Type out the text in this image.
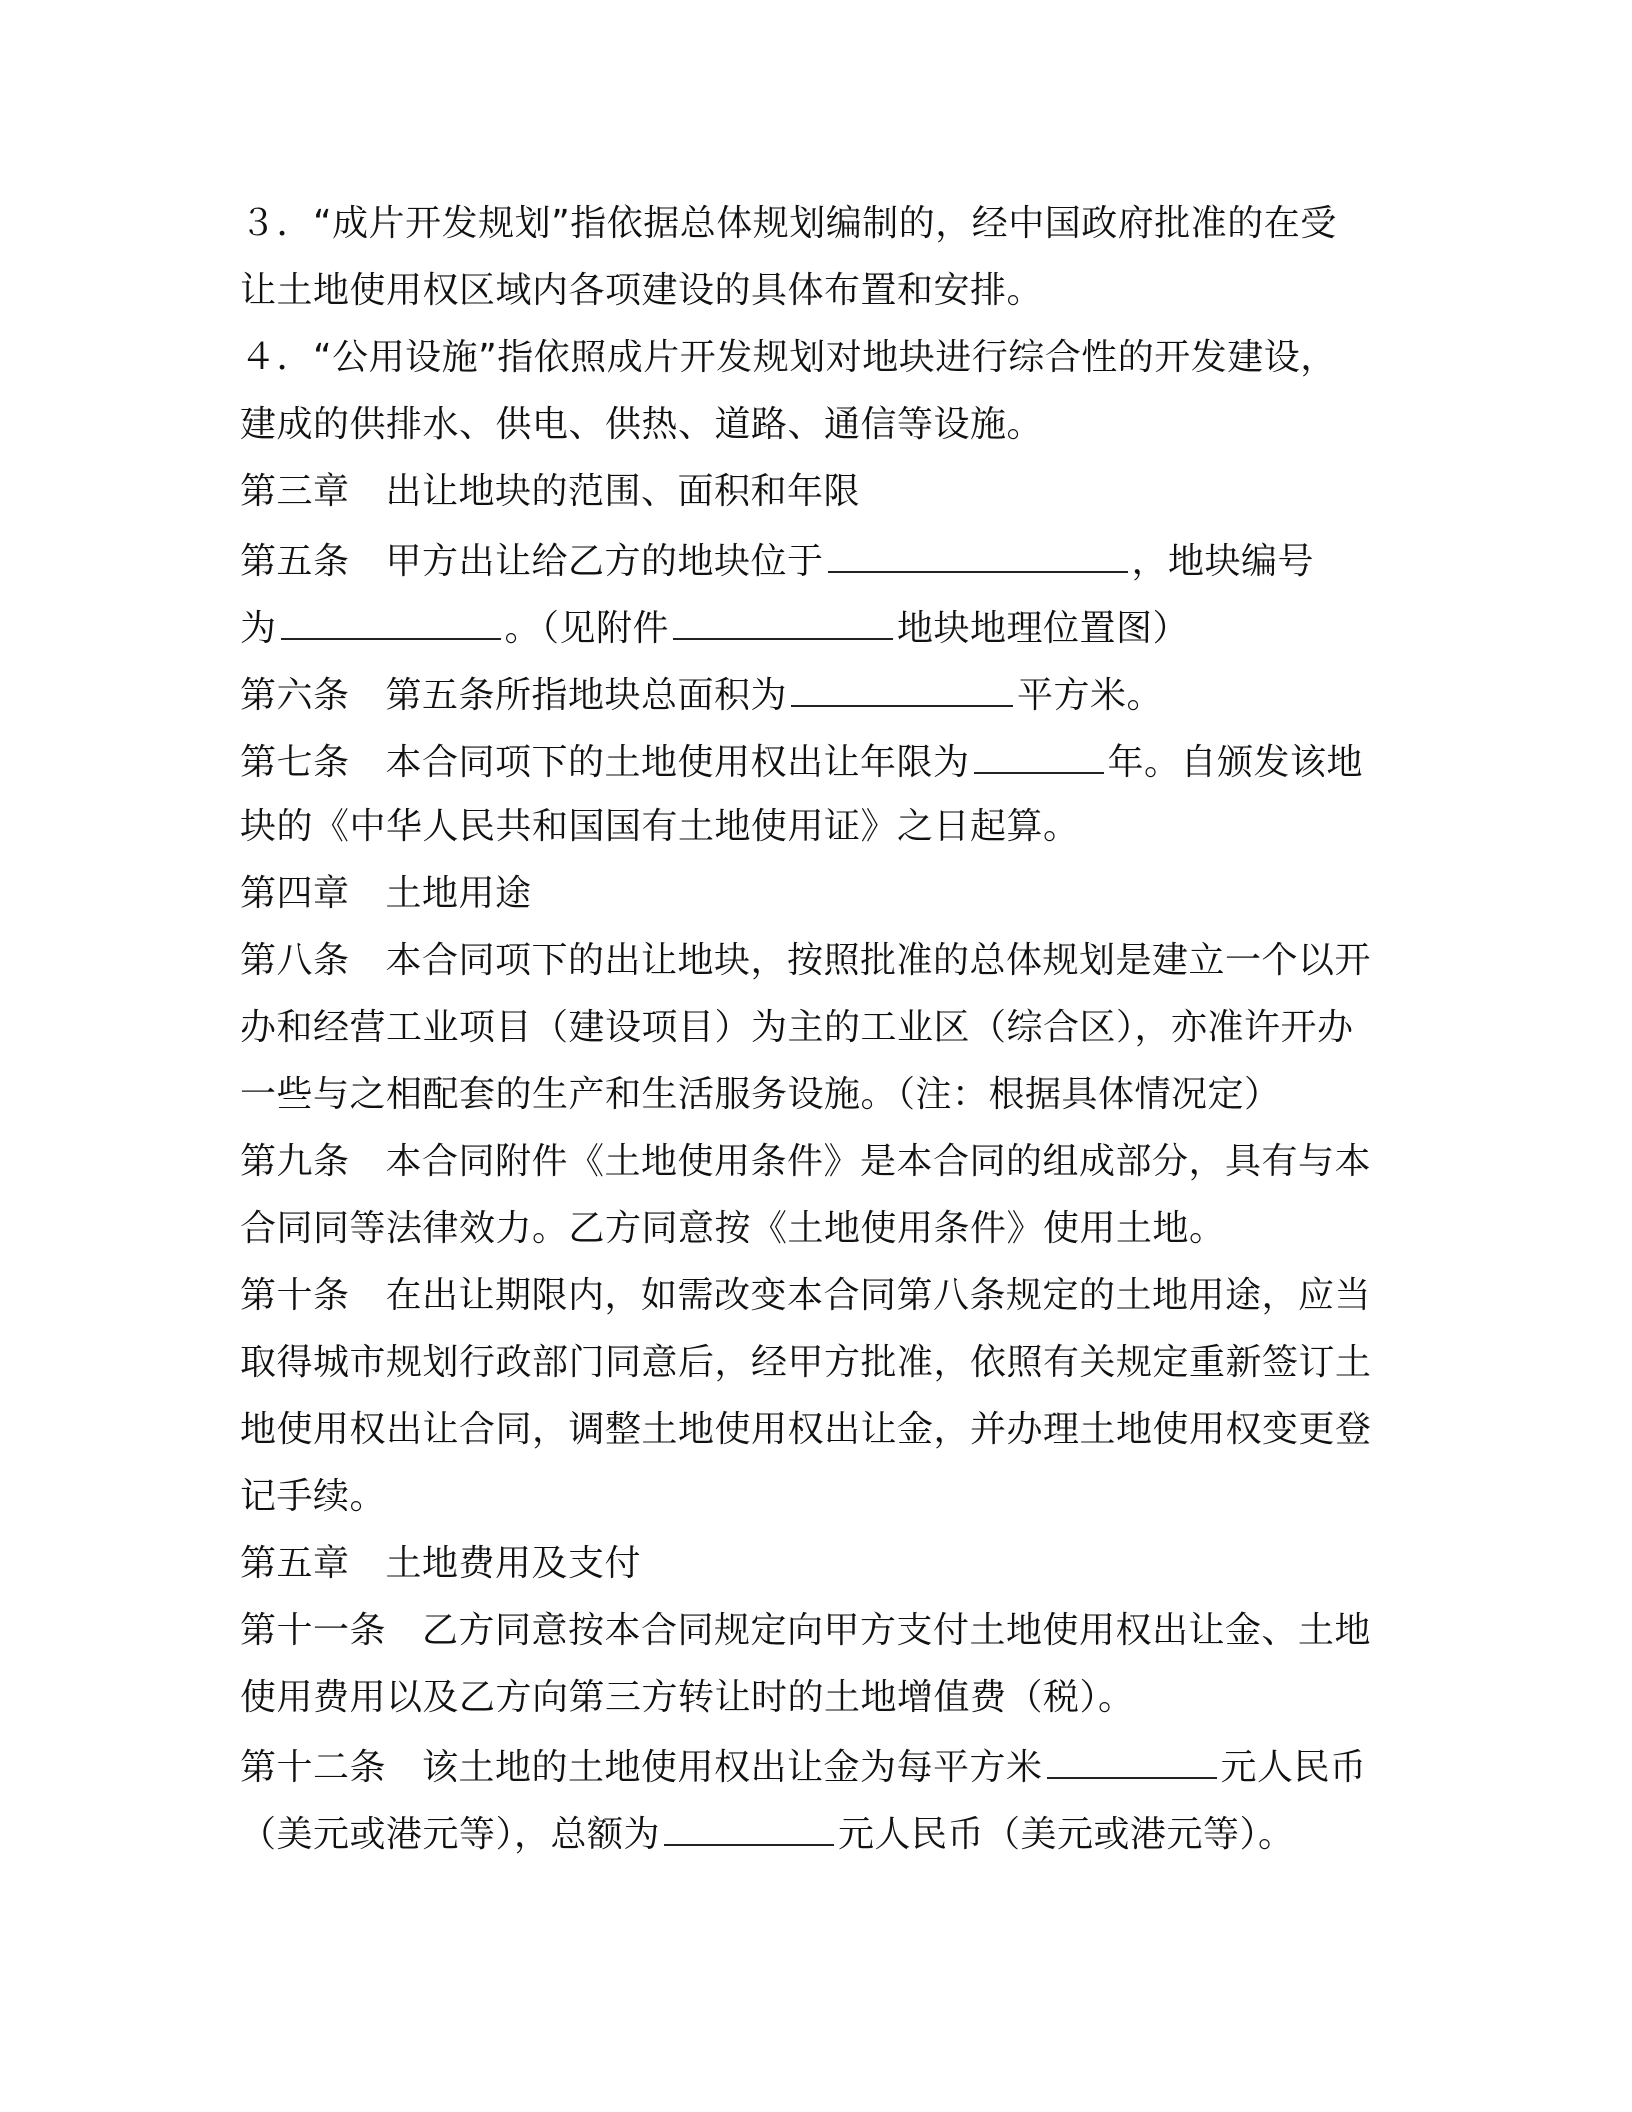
３．“成片开发规划”指依据总体规划编制的，经中国政府批准的在受
让土地使用权区域内各项建设的具体布置和安排。
４．“公用设施”指依照成片开发规划对地块进行综合性的开发建设，
建成的供排水、供电、供热、道路、通信等设施。
第三章 出让地块的范围、面积和年限
第五条 甲方出让给乙方的地块位于	，地块编号
为	。（见附件	地块地理位置图）
第六条 第五条所指地块总面积为	平方米。
第七条 本合同项下的土地使用权出让年限为	年。自颁发该地
块的《中华人民共和国国有土地使用证》之日起算。
第四章 土地用途
第八条 本合同项下的出让地块，按照批准的总体规划是建立一个以开
办和经营工业项目（建设项目）为主的工业区（综合区），亦准许开办
一些与之相配套的生产和生活服务设施。（注：根据具体情况定）
第九条 本合同附件《土地使用条件》是本合同的组成部分，具有与本
合同同等法律效力。乙方同意按《土地使用条件》使用土地。
第十条 在出让期限内，如需改变本合同第八条规定的土地用途，应当
取得城市规划行政部门同意后，经甲方批准，依照有关规定重新签订土
地使用权出让合同，调整土地使用权出让金，并办理土地使用权变更登
记手续。
第五章 土地费用及支付
第十一条 乙方同意按本合同规定向甲方支付土地使用权出让金、土地
使用费用以及乙方向第三方转让时的土地增值费（税）。
第十二条 该土地的土地使用权出让金为每平方米	元人民币
（美元或港元等），总额为	元人民币（美元或港元等）。
